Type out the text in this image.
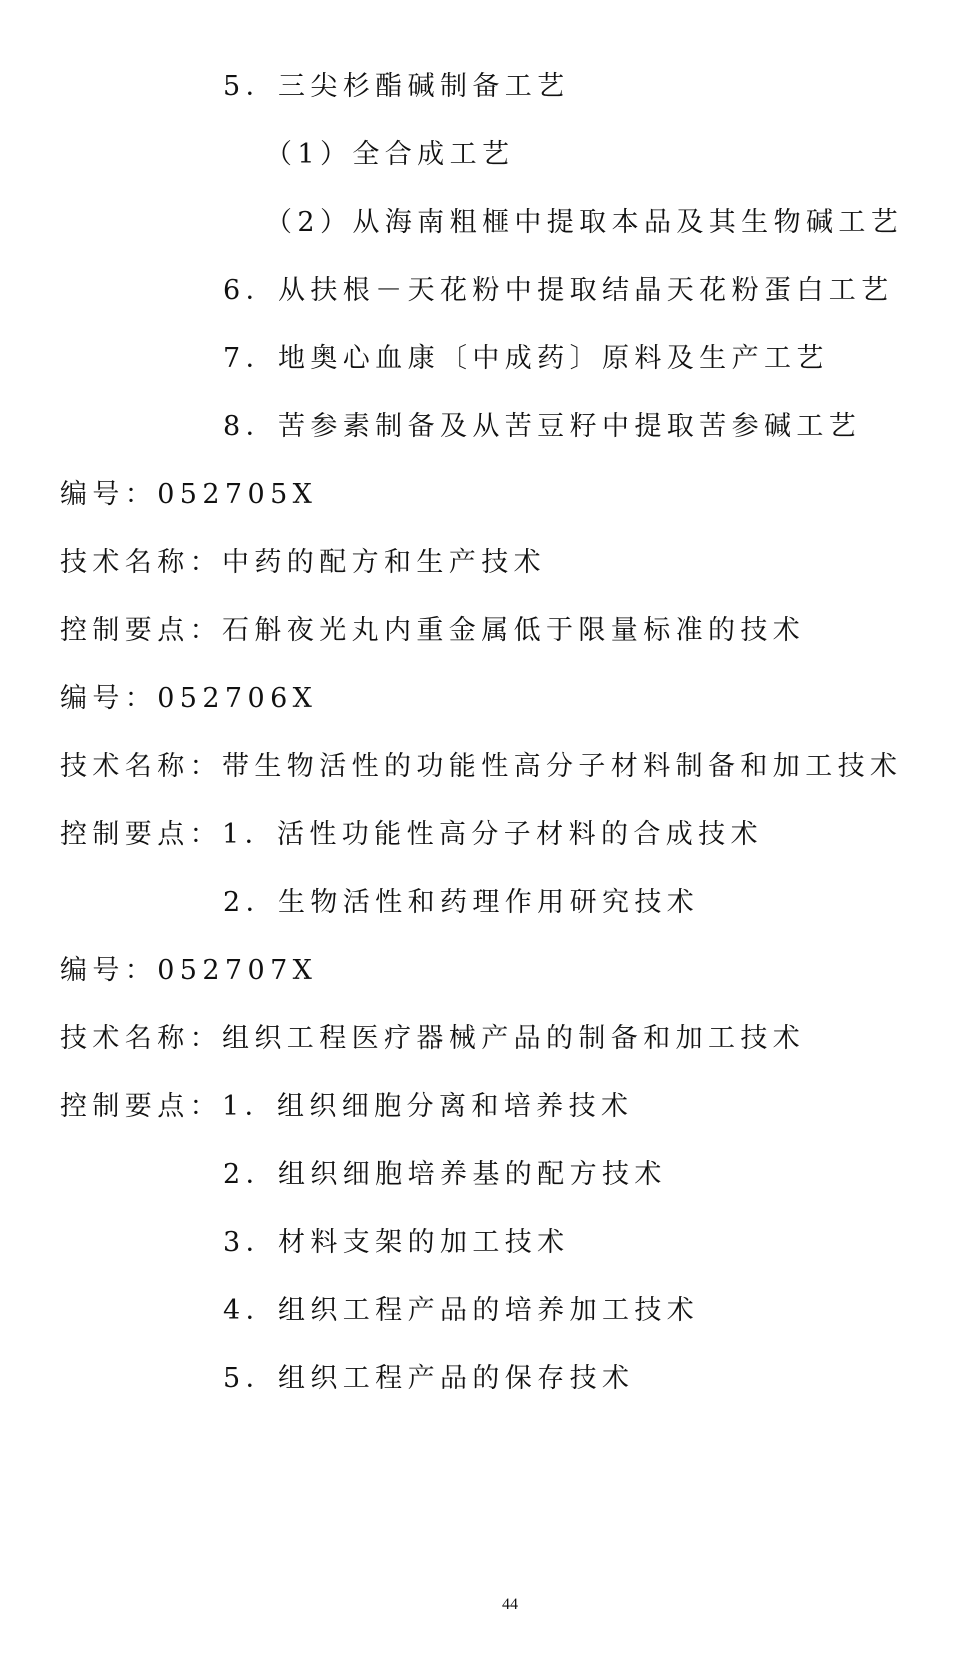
5．三尖杉酯碱制备工艺
（1）全合成工艺
（2）从海南粗榧中提取本品及其生物碱工艺
6．从扶根－天花粉中提取结晶天花粉蛋白工艺
7．地奥心血康〔中成药〕原料及生产工艺
8．苦参素制备及从苦豆籽中提取苦参碱工艺
编号：052705X
技术名称：中药的配方和生产技术
控制要点：石斛夜光丸内重金属低于限量标准的技术
编号：052706X
技术名称：带生物活性的功能性高分子材料制备和加工技术
控制要点：1．活性功能性高分子材料的合成技术
2．生物活性和药理作用研究技术
编号：052707X
技术名称：组织工程医疗器械产品的制备和加工技术
控制要点：1．组织细胞分离和培养技术
2．组织细胞培养基的配方技术
3．材料支架的加工技术
4．组织工程产品的培养加工技术
5．组织工程产品的保存技术
44
